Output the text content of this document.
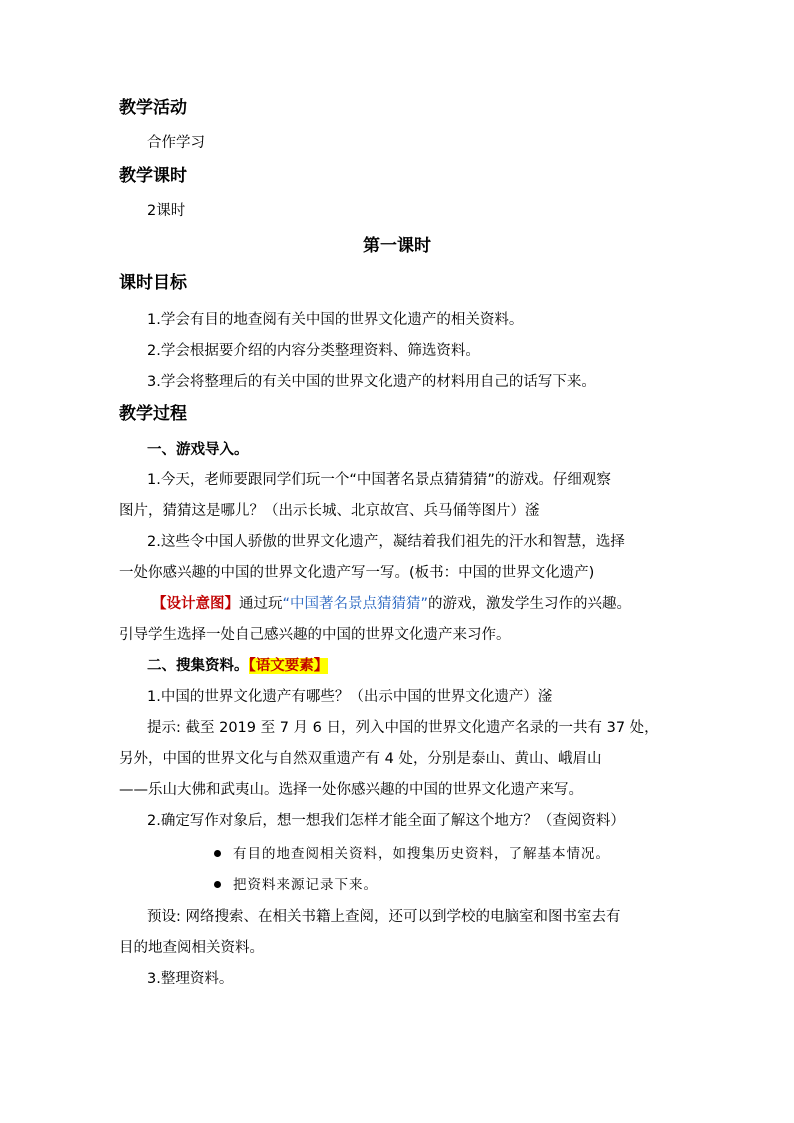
教学活动
合作学习
教学课时
2课时
第一课时
课时目标
1.学会有目的地查阅有关中国的世界文化遗产的相关资料。
2.学会根据要介绍的内容分类整理资料、筛选资料。
3.学会将整理后的有关中国的世界文化遗产的材料用自己的话写下来。
教学过程
一、游戏导入。
1.今天，老师要跟同学们玩一个“中国著名景点猜猜猜”的游戏。仔细观察
图片，猜猜这是哪儿？（出示长城、北京故宫、兵马俑等图片）滏
2.这些令中国人骄傲的世界文化遗产，凝结着我们祖先的汗水和智慧，选择
一处你感兴趣的中国的世界文化遗产写一写。(板书：中国的世界文化遗产)
【设计意图】通过玩“中国著名景点猜猜猜”的游戏，激发学生习作的兴趣。
引导学生选择一处自己感兴趣的中国的世界文化遗产来习作。
二、搜集资料。【语文要素】
1.中国的世界文化遗产有哪些？（出示中国的世界文化遗产）滏
提示: 截至 2019 至 7 月 6 日，列入中国的世界文化遗产名录的一共有 37 处，
另外，中国的世界文化与自然双重遗产有 4 处，分别是泰山、黄山、峨眉山
——乐山大佛和武夷山。选择一处你感兴趣的中国的世界文化遗产来写。
2.确定写作对象后，想一想我们怎样才能全面了解这个地方？（查阅资料）
有目的地查阅相关资料，如搜集历史资料，了解基本情况。
把资料来源记录下来。
预设: 网络搜索、在相关书籍上查阅，还可以到学校的电脑室和图书室去有
目的地查阅相关资料。
3.整理资料。
